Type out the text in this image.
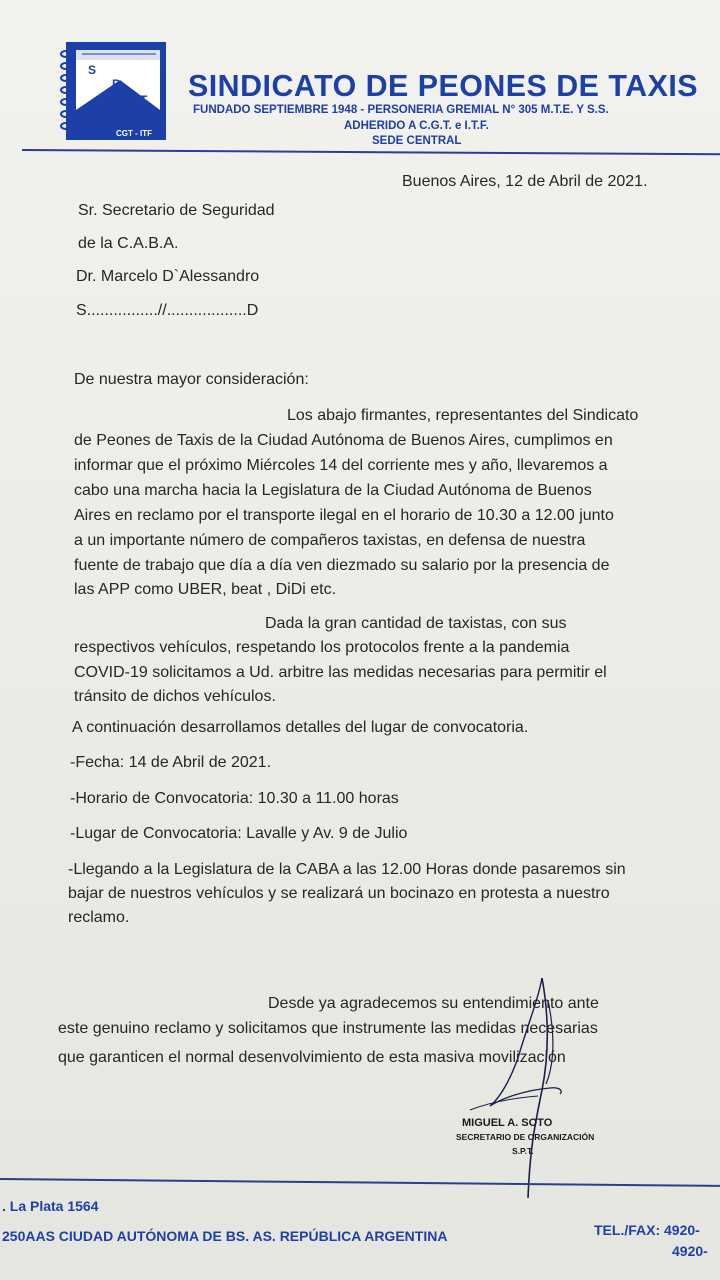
S
P
T
CGT - ITF
SINDICATO DE PEONES DE TAXIS
FUNDADO SEPTIEMBRE 1948 - PERSONERIA GREMIAL N° 305 M.T.E. Y S.S.
ADHERIDO A C.G.T. e I.T.F.
SEDE CENTRAL
Buenos Aires, 12 de Abril de 2021.
Sr. Secretario de Seguridad
de la C.A.B.A.
Dr. Marcelo D`Alessandro
S................//..................D
De nuestra mayor consideración:
Los abajo firmantes, representantes del Sindicato
de Peones de Taxis de la Ciudad Autónoma de Buenos Aires, cumplimos en
informar que el próximo Miércoles 14 del corriente mes y año, llevaremos a
cabo una marcha hacia la Legislatura de la Ciudad Autónoma de Buenos
Aires en reclamo por el transporte ilegal en el horario de 10.30 a 12.00 junto
a un importante número de compañeros taxistas, en defensa de nuestra
fuente de trabajo que día a día ven diezmado su salario por la presencia de
las APP como UBER, beat , DiDi etc.
Dada la gran cantidad de taxistas, con sus
respectivos vehículos, respetando los protocolos frente a la pandemia
COVID-19 solicitamos a Ud. arbitre las medidas necesarias para permitir el
tránsito de dichos vehículos.
A continuación desarrollamos detalles del lugar de convocatoria.
-Fecha: 14 de Abril de 2021.
-Horario de Convocatoria: 10.30 a 11.00 horas
-Lugar de Convocatoria: Lavalle y Av. 9 de Julio
-Llegando a la Legislatura de la CABA a las 12.00 Horas donde pasaremos sin
bajar de nuestros vehículos y se realizará un bocinazo en protesta a nuestro
reclamo.
Desde ya agradecemos su entendimiento ante
este genuino reclamo y solicitamos que instrumente las medidas necesarias
que garanticen el normal desenvolvimiento de esta masiva movilización
MIGUEL A. SOTO
SECRETARIO DE ORGANIZACIÓN
S.P.T.
. La Plata 1564
250AAS CIUDAD AUTÓNOMA DE BS. AS. REPÚBLICA ARGENTINA	TEL./FAX: 4920-
4920-
